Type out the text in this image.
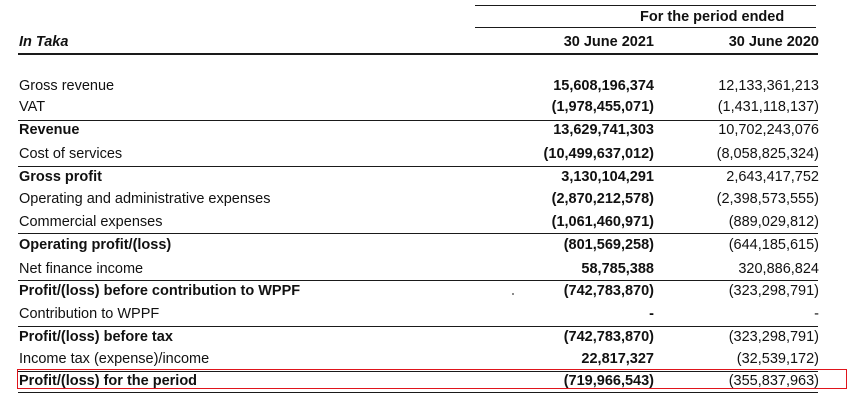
For the period ended
In Taka	30 June 2021	30 June 2020
Gross revenue	15,608,196,374	12,133,361,213
VAT	(1,978,455,071)	(1,431,118,137)
Revenue	13,629,741,303	10,702,243,076
Cost of services	(10,499,637,012)	(8,058,825,324)
Gross profit	3,130,104,291	2,643,417,752
Operating and administrative expenses	(2,870,212,578)	(2,398,573,555)
Commercial expenses	(1,061,460,971)	(889,029,812)
Operating profit/(loss)	(801,569,258)	(644,185,615)
Net finance income	58,785,388	320,886,824
Profit/(loss) before contribution to WPPF	(742,783,870)	(323,298,791)
Contribution to WPPF	-	-
Profit/(loss) before tax	(742,783,870)	(323,298,791)
Income tax (expense)/income	22,817,327	(32,539,172)
Profit/(loss) for the period	(719,966,543)	(355,837,963)
